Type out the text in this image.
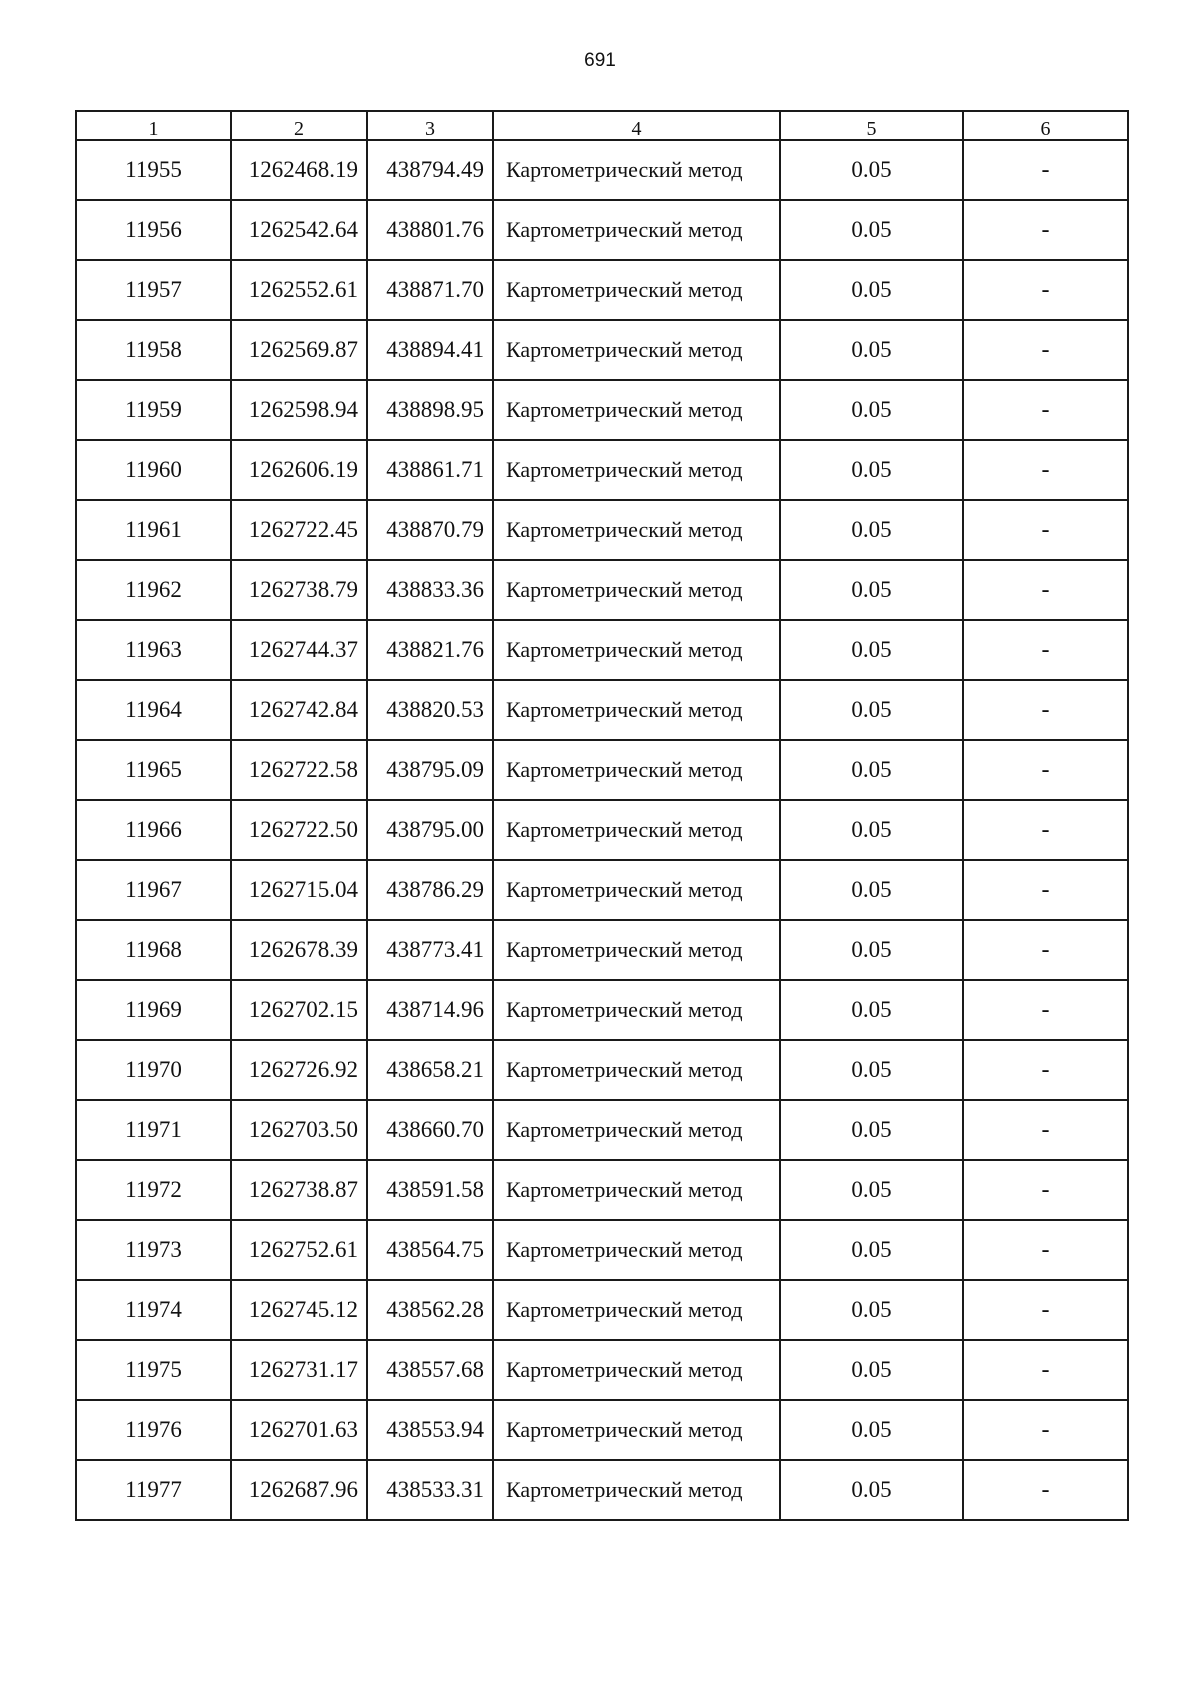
691
1	2	3	4	5	6
11955	1262468.19	438794.49	Картометрический метод	0.05	-
11956	1262542.64	438801.76	Картометрический метод	0.05	-
11957	1262552.61	438871.70	Картометрический метод	0.05	-
11958	1262569.87	438894.41	Картометрический метод	0.05	-
11959	1262598.94	438898.95	Картометрический метод	0.05	-
11960	1262606.19	438861.71	Картометрический метод	0.05	-
11961	1262722.45	438870.79	Картометрический метод	0.05	-
11962	1262738.79	438833.36	Картометрический метод	0.05	-
11963	1262744.37	438821.76	Картометрический метод	0.05	-
11964	1262742.84	438820.53	Картометрический метод	0.05	-
11965	1262722.58	438795.09	Картометрический метод	0.05	-
11966	1262722.50	438795.00	Картометрический метод	0.05	-
11967	1262715.04	438786.29	Картометрический метод	0.05	-
11968	1262678.39	438773.41	Картометрический метод	0.05	-
11969	1262702.15	438714.96	Картометрический метод	0.05	-
11970	1262726.92	438658.21	Картометрический метод	0.05	-
11971	1262703.50	438660.70	Картометрический метод	0.05	-
11972	1262738.87	438591.58	Картометрический метод	0.05	-
11973	1262752.61	438564.75	Картометрический метод	0.05	-
11974	1262745.12	438562.28	Картометрический метод	0.05	-
11975	1262731.17	438557.68	Картометрический метод	0.05	-
11976	1262701.63	438553.94	Картометрический метод	0.05	-
11977	1262687.96	438533.31	Картометрический метод	0.05	-
